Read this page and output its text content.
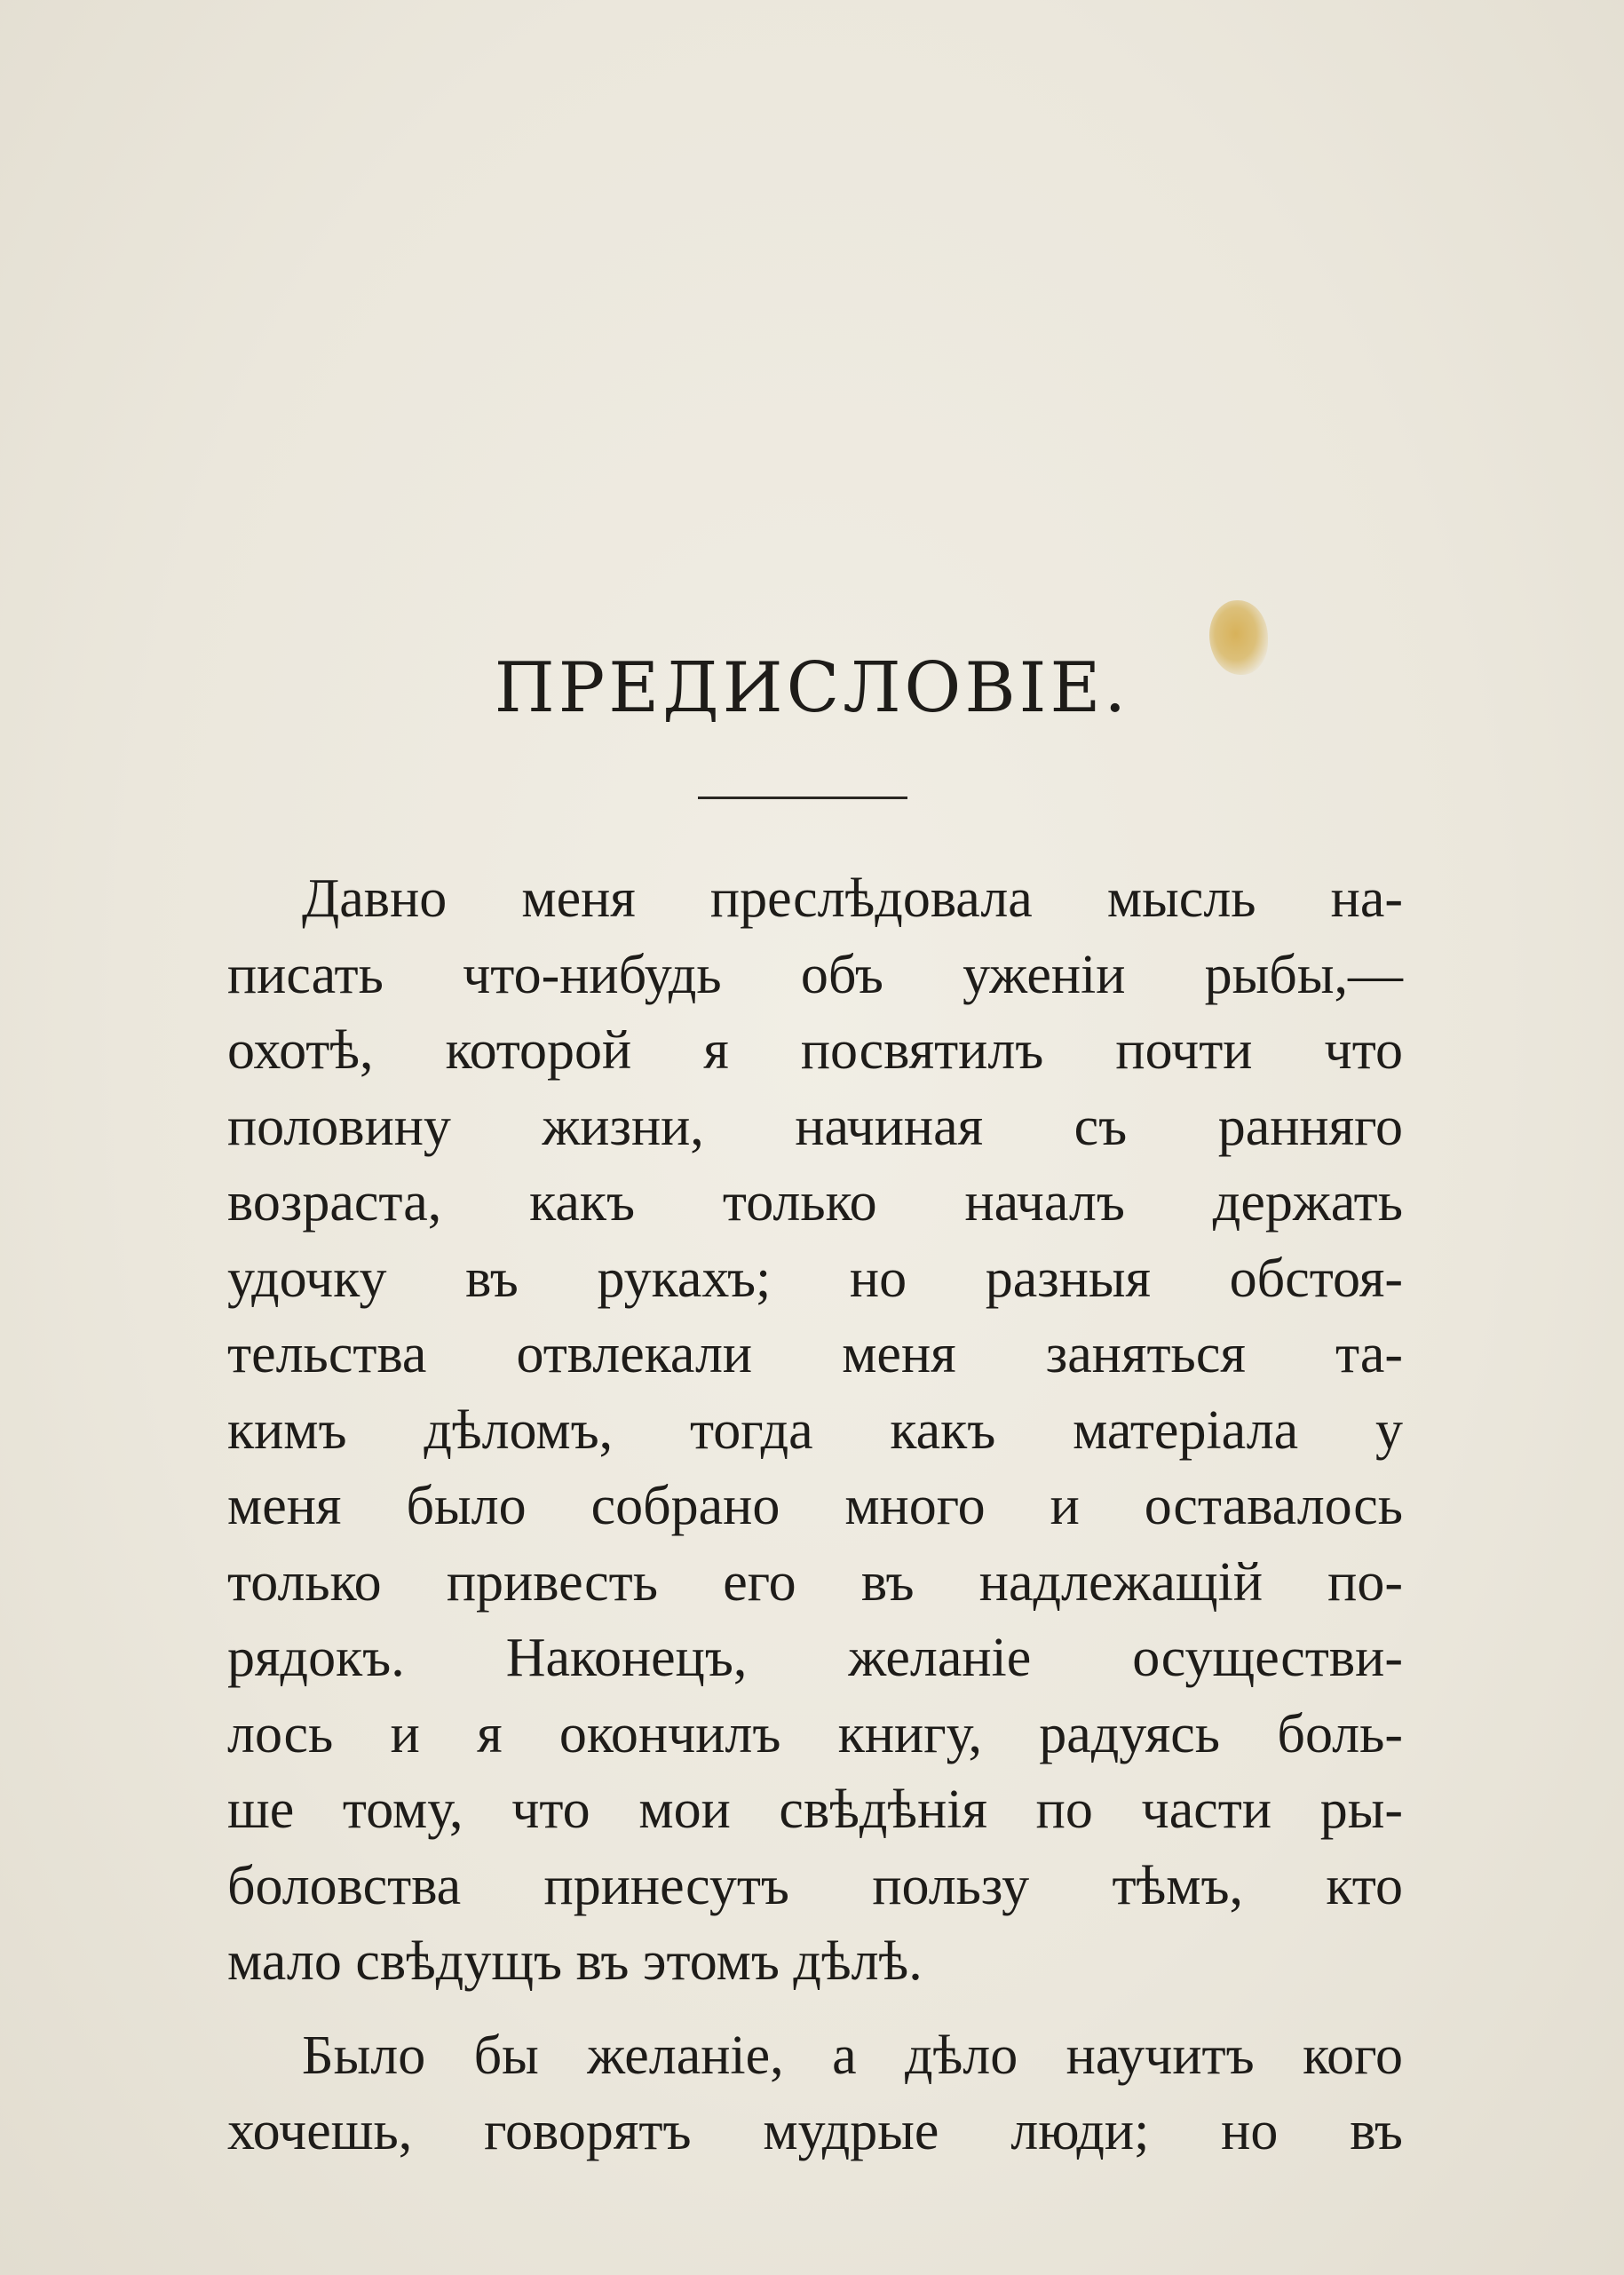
ПРЕДИСЛОВІЕ.

Давно меня преслѣдовала мысль на-
писать что-нибудь объ уженіи рыбы,—
охотѣ, которой я посвятилъ почти что
половину жизни, начиная съ ранняго
возраста, какъ только началъ держать
удочку въ рукахъ; но разныя обстоя-
тельства отвлекали меня заняться та-
кимъ дѣломъ, тогда какъ матеріала у
меня было собрано много и оставалось
только привесть его въ надлежащій по-
рядокъ. Наконецъ, желаніе осуществи-
лось и я окончилъ книгу, радуясь боль-
ше тому, что мои свѣдѣнія по части ры-
боловства принесутъ пользу тѣмъ, кто
мало свѣдущъ въ этомъ дѣлѣ.

Было бы желаніе, а дѣло научитъ кого
хочешь, говорятъ мудрые люди; но въ
